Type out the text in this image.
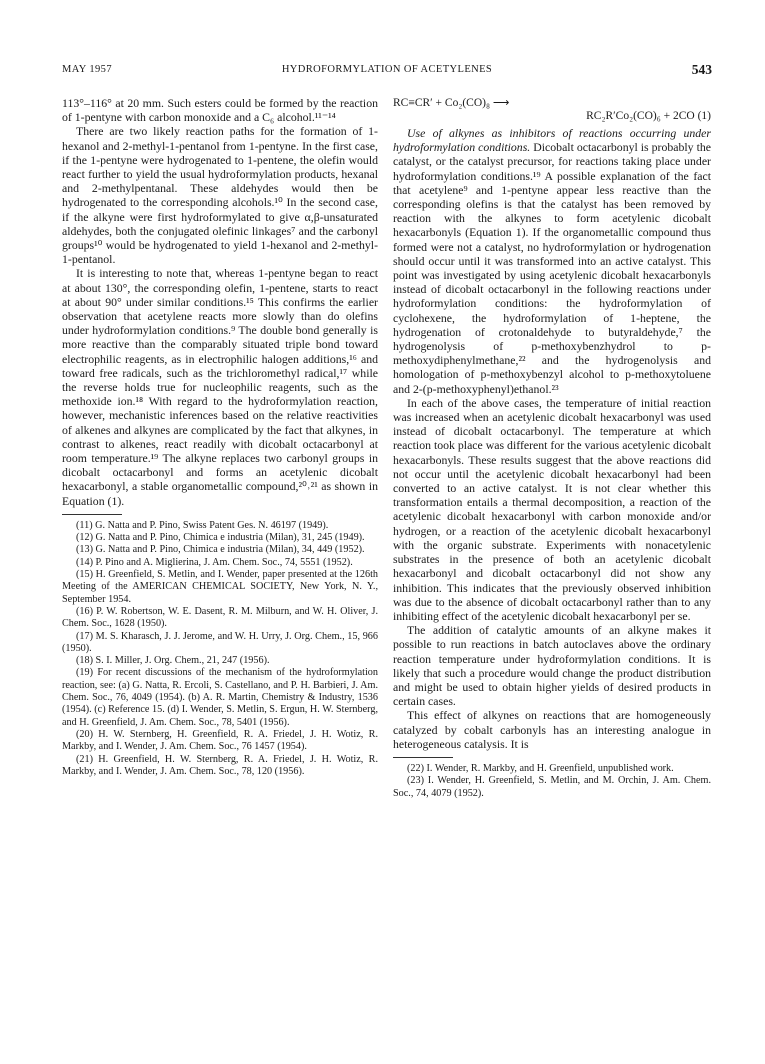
MAY 1957	HYDROFORMYLATION OF ACETYLENES	543

113°–116° at 20 mm. Such esters could be formed by the reaction of 1-pentyne with carbon monoxide and a C₆ alcohol.¹¹⁻¹⁴

There are two likely reaction paths for the formation of 1-hexanol and 2-methyl-1-pentanol from 1-pentyne. In the first case, if the 1-pentyne were hydrogenated to 1-pentene, the olefin would react further to yield the usual hydroformylation products, hexanal and 2-methylpentanal. These aldehydes would then be hydrogenated to the corresponding alcohols.¹⁰ In the second case, if the alkyne were first hydroformylated to give α,β-unsaturated aldehydes, both the conjugated olefinic linkages⁷ and the carbonyl groups¹⁰ would be hydrogenated to yield 1-hexanol and 2-methyl-1-pentanol.

It is interesting to note that, whereas 1-pentyne began to react at about 130°, the corresponding olefin, 1-pentene, starts to react at about 90° under similar conditions.¹⁵ This confirms the earlier observation that acetylene reacts more slowly than do olefins under hydroformylation conditions.⁹ The double bond generally is more reactive than the comparably situated triple bond toward electrophilic reagents, as in electrophilic halogen additions,¹⁶ and toward free radicals, such as the trichloromethyl radical,¹⁷ while the reverse holds true for nucleophilic reagents, such as the methoxide ion.¹⁸ With regard to the hydroformylation reaction, however, mechanistic inferences based on the relative reactivities of alkenes and alkynes are complicated by the fact that alkynes, in contrast to alkenes, react readily with dicobalt octacarbonyl at room temperature.¹⁹ The alkyne replaces two carbonyl groups in dicobalt octacarbonyl and forms an acetylenic dicobalt hexacarbonyl, a stable organometallic compound,²⁰˒²¹ as shown in Equation (1).

(11) G. Natta and P. Pino, Swiss Patent Ges. N. 46197 (1949).

(12) G. Natta and P. Pino, Chimica e industria (Milan), 31, 245 (1949).

(13) G. Natta and P. Pino, Chimica e industria (Milan), 34, 449 (1952).

(14) P. Pino and A. Miglierina, J. Am. Chem. Soc., 74, 5551 (1952).

(15) H. Greenfield, S. Metlin, and I. Wender, paper presented at the 126th Meeting of the AMERICAN CHEMICAL SOCIETY, New York, N. Y., September 1954.

(16) P. W. Robertson, W. E. Dasent, R. M. Milburn, and W. H. Oliver, J. Chem. Soc., 1628 (1950).

(17) M. S. Kharasch, J. J. Jerome, and W. H. Urry, J. Org. Chem., 15, 966 (1950).

(18) S. I. Miller, J. Org. Chem., 21, 247 (1956).

(19) For recent discussions of the mechanism of the hydroformylation reaction, see: (a) G. Natta, R. Ercoli, S. Castellano, and P. H. Barbieri, J. Am. Chem. Soc., 76, 4049 (1954). (b) A. R. Martin, Chemistry & Industry, 1536 (1954). (c) Reference 15. (d) I. Wender, S. Metlin, S. Ergun, H. W. Sternberg, and H. Greenfield, J. Am. Chem. Soc., 78, 5401 (1956).

(20) H. W. Sternberg, H. Greenfield, R. A. Friedel, J. H. Wotiz, R. Markby, and I. Wender, J. Am. Chem. Soc., 76 1457 (1954).

(21) H. Greenfield, H. W. Sternberg, R. A. Friedel, J. H. Wotiz, R. Markby, and I. Wender, J. Am. Chem. Soc., 78, 120 (1956).

RC≡CR′ + Co₂(CO)₈ ⟶
RC₂R′Co₂(CO)₆ + 2CO (1)

Use of alkynes as inhibitors of reactions occurring under hydroformylation conditions. Dicobalt octacarbonyl is probably the catalyst, or the catalyst precursor, for reactions taking place under hydroformylation conditions.¹⁹ A possible explanation of the fact that acetylene⁹ and 1-pentyne appear less reactive than the corresponding olefins is that the catalyst has been removed by reaction with the alkynes to form acetylenic dicobalt hexacarbonyls (Equation 1). If the organometallic compound thus formed were not a catalyst, no hydroformylation or hydrogenation should occur until it was transformed into an active catalyst. This point was investigated by using acetylenic dicobalt hexacarbonyls instead of dicobalt octacarbonyl in the following reactions under hydroformylation conditions: the hydroformylation of cyclohexene, the hydroformylation of 1-heptene, the hydrogenation of crotonaldehyde to butyraldehyde,⁷ the hydrogenolysis of p-methoxybenzhydrol to p-methoxydiphenylmethane,²² and the hydrogenolysis and homologation of p-methoxybenzyl alcohol to p-methoxytoluene and 2-(p-methoxyphenyl)ethanol.²³

In each of the above cases, the temperature of initial reaction was increased when an acetylenic dicobalt hexacarbonyl was used instead of dicobalt octacarbonyl. The temperature at which reaction took place was different for the various acetylenic dicobalt hexacarbonyls. These results suggest that the above reactions did not occur until the acetylenic dicobalt hexacarbonyl had been converted to an active catalyst. It is not clear whether this transformation entails a thermal decomposition, a reaction of the acetylenic dicobalt hexacarbonyl with carbon monoxide and/or hydrogen, or a reaction of the acetylenic dicobalt hexacarbonyl with the organic substrate. Experiments with nonacetylenic substrates in the presence of both an acetylenic dicobalt hexacarbonyl and dicobalt octacarbonyl did not show any inhibition. This indicates that the previously observed inhibition was due to the absence of dicobalt octacarbonyl rather than to any inhibiting effect of the acetylenic dicobalt hexacarbonyl per se.

The addition of catalytic amounts of an alkyne makes it possible to run reactions in batch autoclaves above the ordinary reaction temperature under hydroformylation conditions. It is likely that such a procedure would change the product distribution and might be used to obtain higher yields of desired products in certain cases.

This effect of alkynes on reactions that are homogeneously catalyzed by cobalt carbonyls has an interesting analogue in heterogeneous catalysis. It is

(22) I. Wender, R. Markby, and H. Greenfield, unpublished work.

(23) I. Wender, H. Greenfield, S. Metlin, and M. Orchin, J. Am. Chem. Soc., 74, 4079 (1952).
